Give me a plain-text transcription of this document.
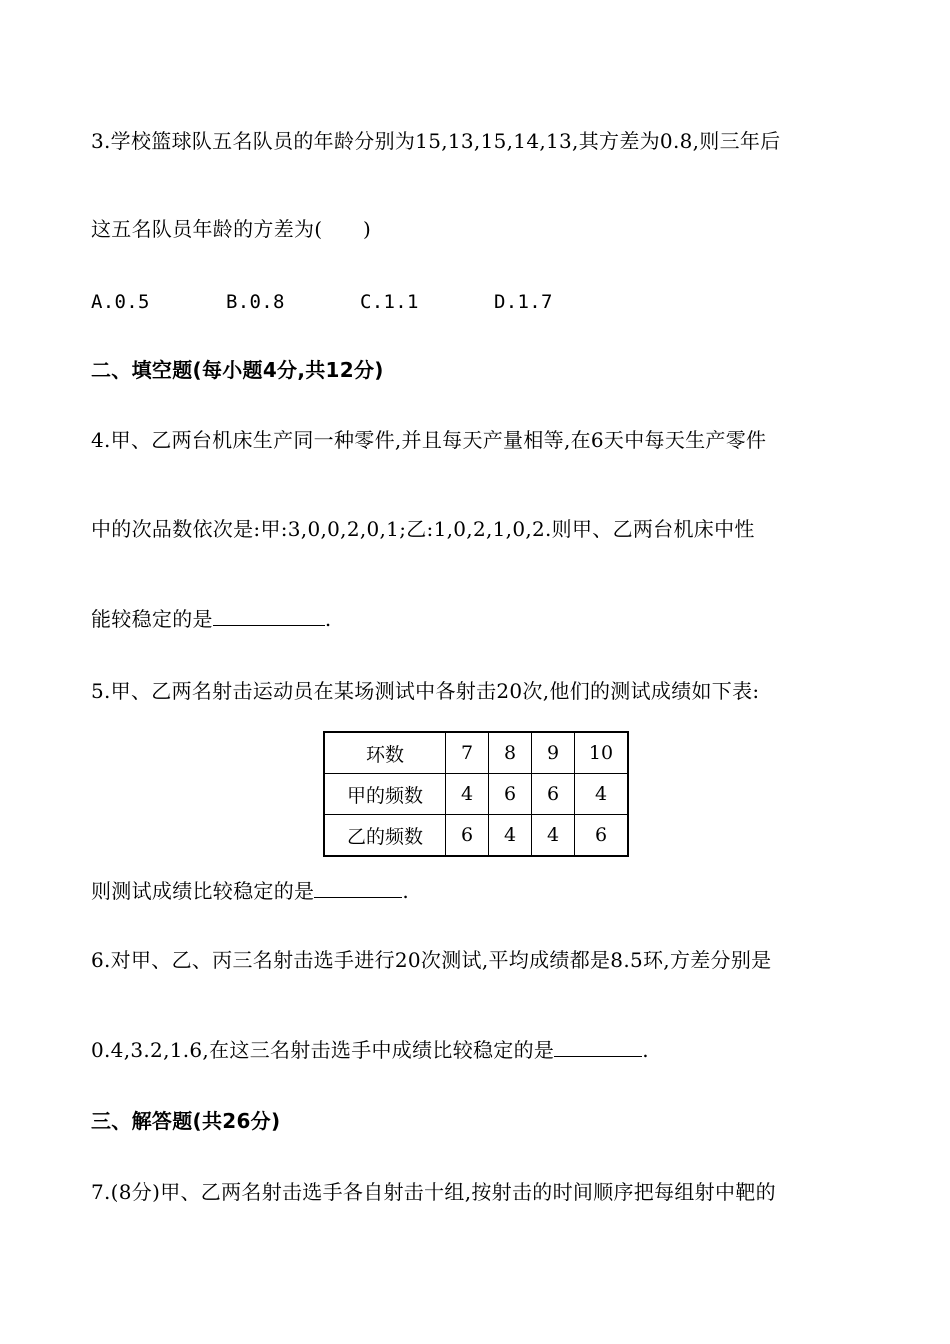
3.学校篮球队五名队员的年龄分别为15,13,15,14,13,其方差为0.8,则三年后
这五名队员年龄的方差为(　　)
A.0.5	B.0.8	C.1.1	D.1.7
二、填空题(每小题4分,共12分)
4.甲、乙两台机床生产同一种零件,并且每天产量相等,在6天中每天生产零件
中的次品数依次是:甲:3,0,0,2,0,1;乙:1,0,2,1,0,2.则甲、乙两台机床中性
能较稳定的是	.
5.甲、乙两名射击运动员在某场测试中各射击20次,他们的测试成绩如下表:
环数	7	8	9	10
甲的频数	4	6	6	4
乙的频数	6	4	4	6
则测试成绩比较稳定的是	.
6.对甲、乙、丙三名射击选手进行20次测试,平均成绩都是8.5环,方差分别是
0.4,3.2,1.6,在这三名射击选手中成绩比较稳定的是	.
三、解答题(共26分)
7.(8分)甲、乙两名射击选手各自射击十组,按射击的时间顺序把每组射中靶的
